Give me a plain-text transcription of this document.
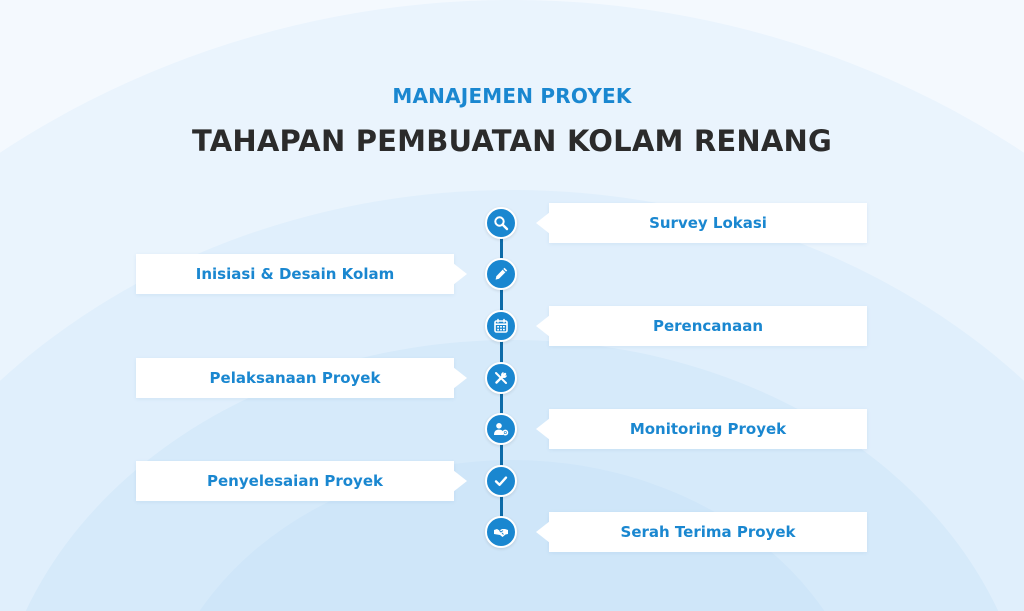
MANAJEMEN PROYEK
TAHAPAN PEMBUATAN KOLAM RENANG
Survey Lokasi
Inisiasi & Desain Kolam
Perencanaan
Pelaksanaan Proyek
Monitoring Proyek
Penyelesaian Proyek
Serah Terima Proyek
